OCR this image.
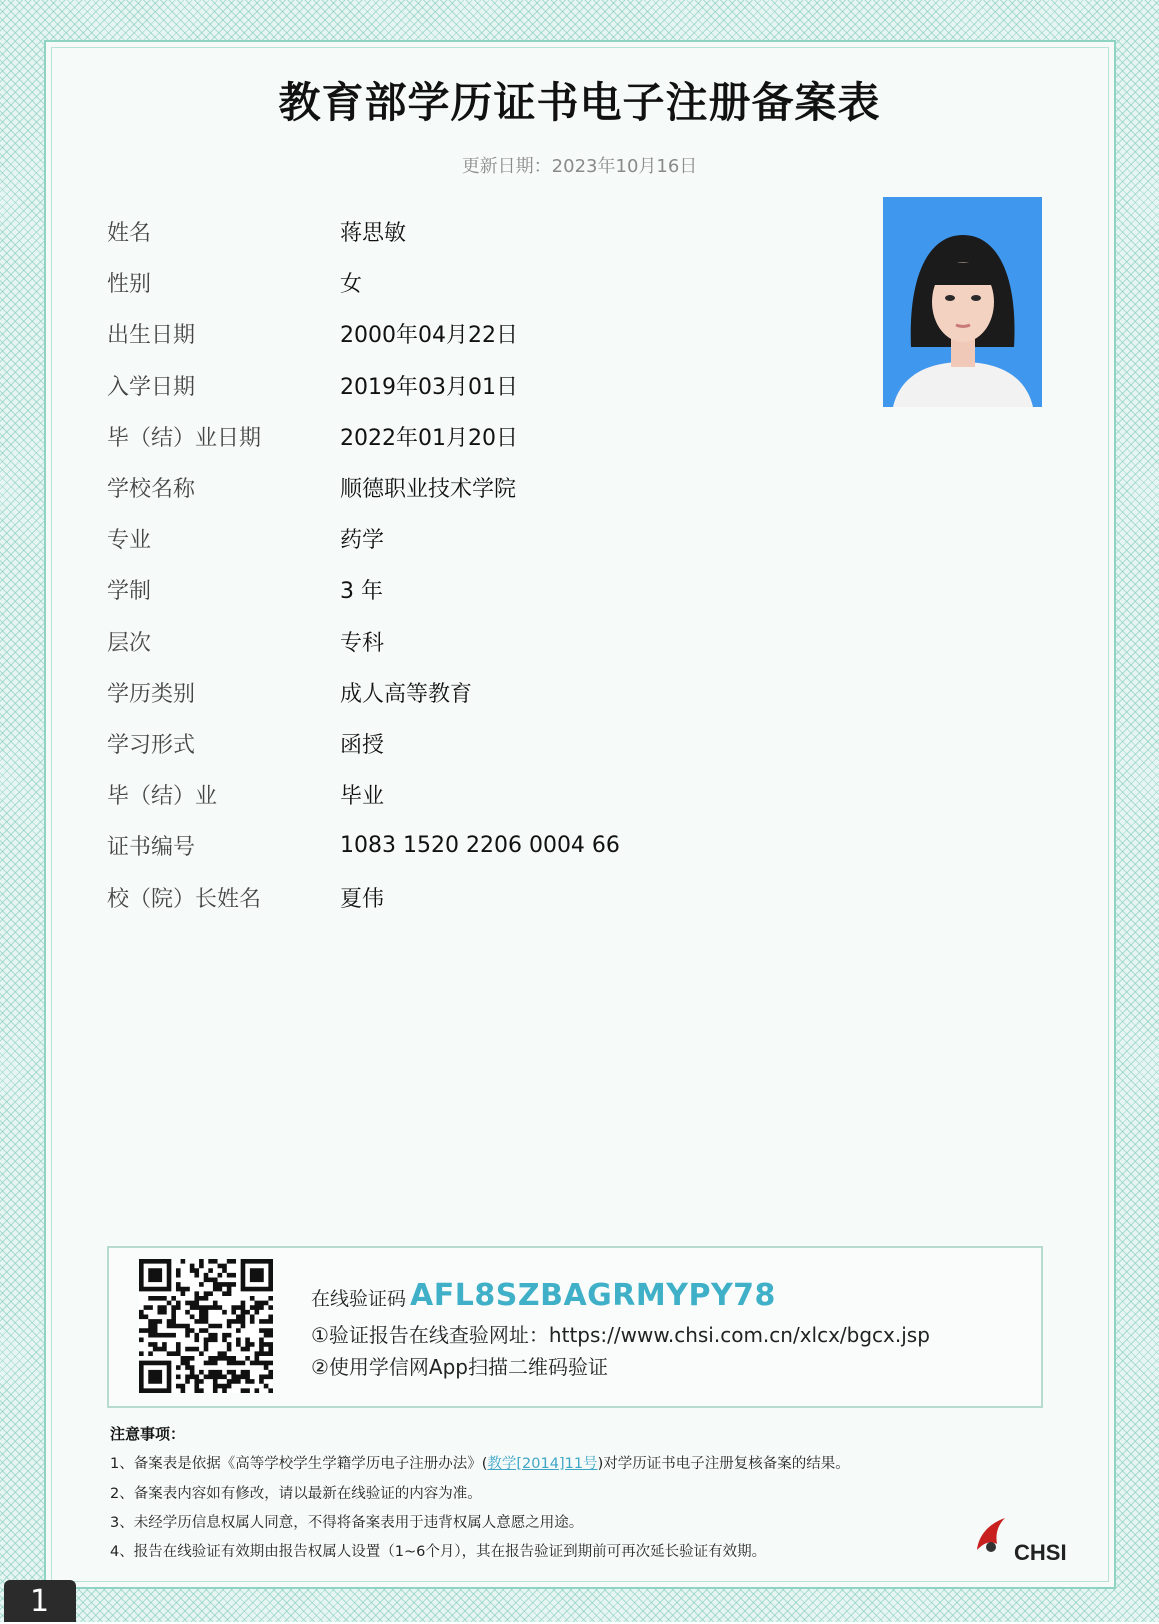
教育部学历证书电子注册备案表
更新日期：2023年10月16日
姓名	蒋思敏
性别	女
出生日期	2000年04月22日
入学日期	2019年03月01日
毕（结）业日期	2022年01月20日
学校名称	顺德职业技术学院
专业	药学
学制	3 年
层次	专科
学历类别	成人高等教育
学习形式	函授
毕（结）业	毕业
证书编号	1083 1520 2206 0004 66
校（院）长姓名	夏伟
在线验证码 AFL8SZBAGRMYPY78
①验证报告在线查验网址：https://www.chsi.com.cn/xlcx/bgcx.jsp
②使用学信网App扫描二维码验证
注意事项：
1、备案表是依据《高等学校学生学籍学历电子注册办法》(教学[2014]11号)对学历证书电子注册复核备案的结果。
2、备案表内容如有修改，请以最新在线验证的内容为准。
3、未经学历信息权属人同意，不得将备案表用于违背权属人意愿之用途。
4、报告在线验证有效期由报告权属人设置（1~6个月），其在报告验证到期前可再次延长验证有效期。	CHSI
1
